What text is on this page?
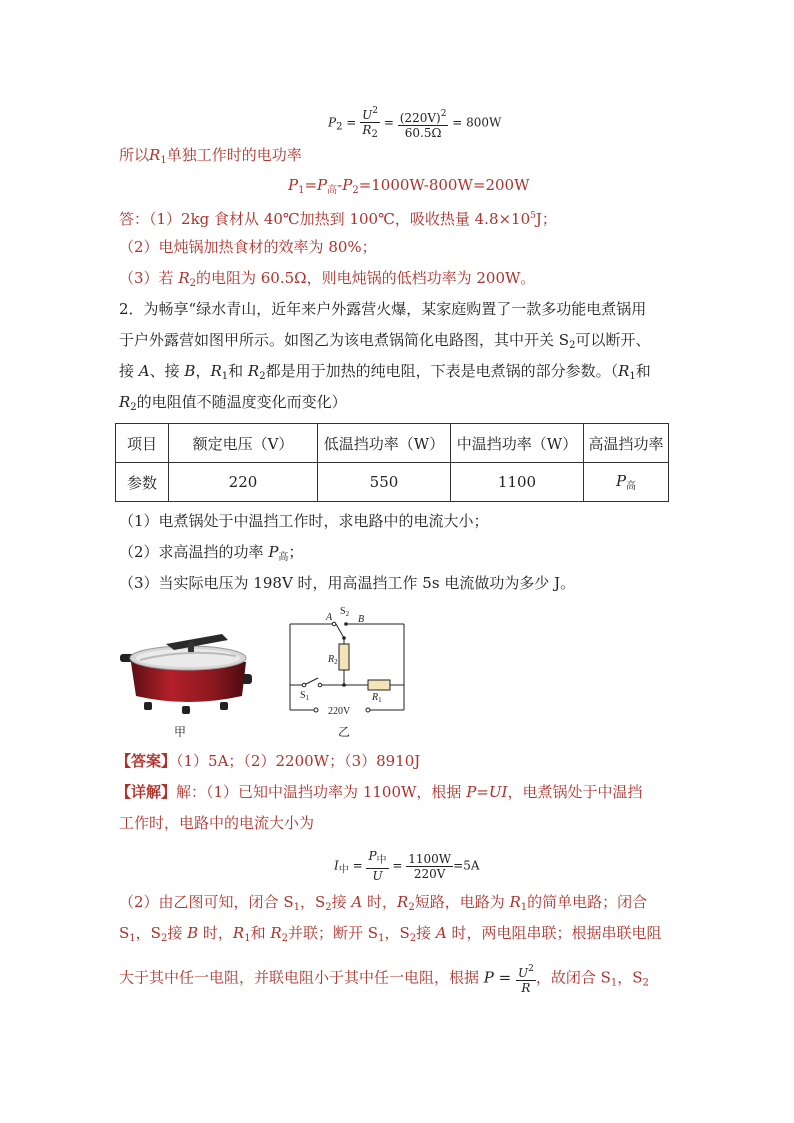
$P_2 = \frac{U^2}{R_2} = \frac{(220V)^2}{60.5\Omega} = 800W$
所以$R_1$单独工作时的电功率
$P_1=P_高-P_2=1000W-800W=200W$
答：（1）2kg 食材从 40℃加热到 100℃，吸收热量 $4.8\times 10^5J$；
（2）电炖锅加热食材的效率为 80%；
（3）若 $R_2$的电阻为 60.5Ω，则电炖锅的低档功率为 200W。
2．为畅享“绿水青山，近年来户外露营火爆，某家庭购置了一款多功能电煮锅用
于户外露营如图甲所示。如图乙为该电煮锅简化电路图，其中开关 $S_2$可以断开、
接 A、接 B，$R_1$和 $R_2$都是用于加热的纯电阻，下表是电煮锅的部分参数。（$R_1$和
$R_2$的电阻值不随温度变化而变化）
项目	额定电压（V）	低温挡功率（W）	中温挡功率（W）	高温挡功率
参数	220	550	1100	$P_高$
（1）电煮锅处于中温挡工作时，求电路中的电流大小；
（2）求高温挡的功率 $P_高$；
（3）当实际电压为 198V 时，用高温挡工作 5s 电流做功为多少 J。
甲
A
$S_2$ B
$R_2$
$S_1$	$R_1$
220V
乙
【答案】（1）5A；（2）2200W；（3）8910J
【详解】解：（1）已知中温挡功率为 1100W，根据 P=UI，电煮锅处于中温挡
工作时，电路中的电流大小为
$I_中 = \frac{P_中}{U} = \frac{1100W}{220V} =5A$
（2）由乙图可知，闭合 $S_1$，$S_2$接 A 时，$R_2$短路，电路为 $R_1$的简单电路；闭合
$S_1$，$S_2$接 B 时，$R_1$和 $R_2$并联；断开 $S_1$，$S_2$接 A 时，两电阻串联；根据串联电阻
大于其中任一电阻，并联电阻小于其中任一电阻，根据 $P = \frac{U^2}{R}$ ，故闭合 $S_1$，$S_2$
